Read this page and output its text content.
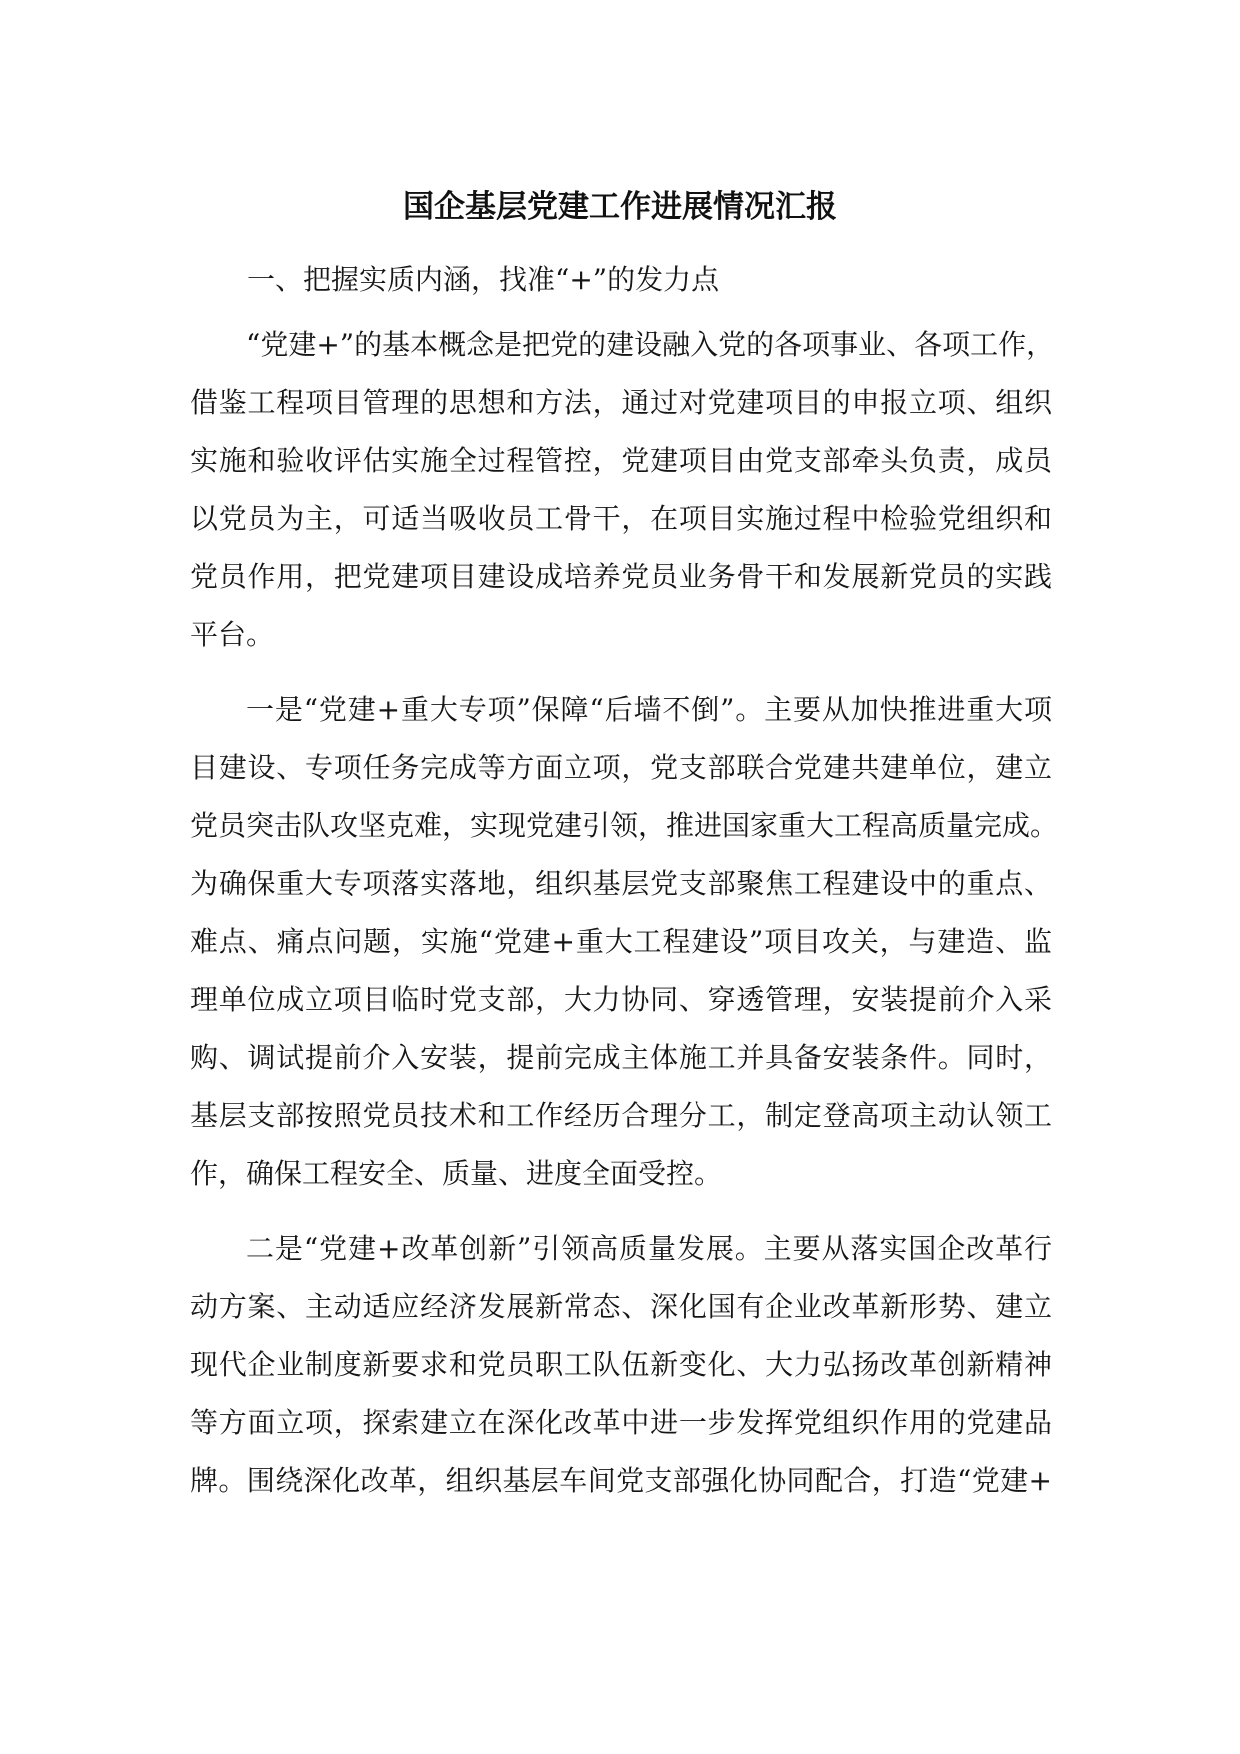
国企基层党建工作进展情况汇报

一、把握实质内涵，找准“+”的发力点

“党建+”的基本概念是把党的建设融入党的各项事业、各项工作，
借鉴工程项目管理的思想和方法，通过对党建项目的申报立项、组织
实施和验收评估实施全过程管控，党建项目由党支部牵头负责，成员
以党员为主，可适当吸收员工骨干，在项目实施过程中检验党组织和
党员作用，把党建项目建设成培养党员业务骨干和发展新党员的实践
平台。

一是“党建+重大专项”保障“后墙不倒”。主要从加快推进重大项
目建设、专项任务完成等方面立项，党支部联合党建共建单位，建立
党员突击队攻坚克难，实现党建引领，推进国家重大工程高质量完成。
为确保重大专项落实落地，组织基层党支部聚焦工程建设中的重点、
难点、痛点问题，实施“党建+重大工程建设”项目攻关，与建造、监
理单位成立项目临时党支部，大力协同、穿透管理，安装提前介入采
购、调试提前介入安装，提前完成主体施工并具备安装条件。同时，
基层支部按照党员技术和工作经历合理分工，制定登高项主动认领工
作，确保工程安全、质量、进度全面受控。

二是“党建+改革创新”引领高质量发展。主要从落实国企改革行
动方案、主动适应经济发展新常态、深化国有企业改革新形势、建立
现代企业制度新要求和党员职工队伍新变化、大力弘扬改革创新精神
等方面立项，探索建立在深化改革中进一步发挥党组织作用的党建品
牌。围绕深化改革，组织基层车间党支部强化协同配合，打造“党建+
